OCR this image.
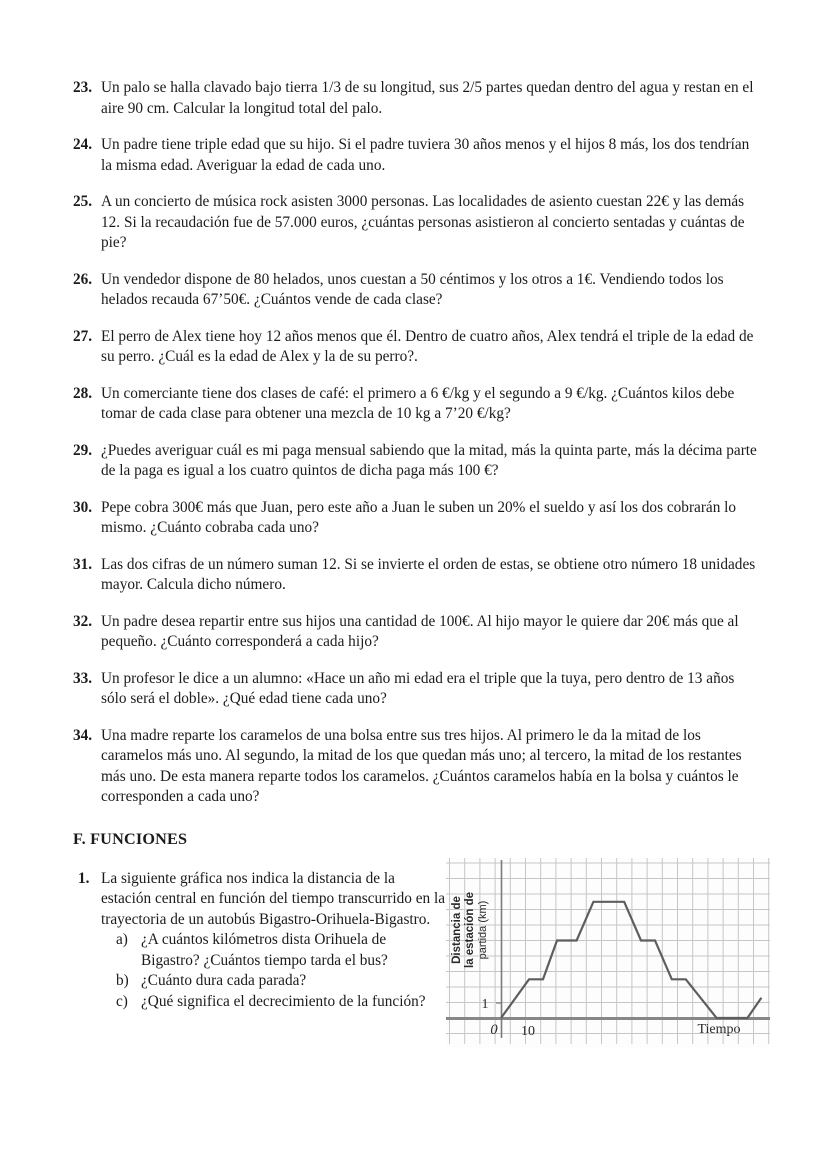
23. Un palo se halla clavado bajo tierra 1/3 de su longitud, sus 2/5 partes quedan dentro del agua y restan en el aire 90 cm. Calcular la longitud total del palo.
24. Un padre tiene triple edad que su hijo. Si el padre tuviera 30 años menos y el hijos 8 más, los dos tendrían la misma edad. Averiguar la edad de cada uno.
25. A un concierto de música rock asisten 3000 personas. Las localidades de asiento cuestan 22€ y las demás 12. Si la recaudación fue de 57.000 euros, ¿cuántas personas asistieron al concierto sentadas y cuántas de pie?
26. Un vendedor dispone de 80 helados, unos cuestan a 50 céntimos y los otros a 1€. Vendiendo todos los helados recauda 67’50€. ¿Cuántos vende de cada clase?
27. El perro de Alex tiene hoy 12 años menos que él. Dentro de cuatro años, Alex tendrá el triple de la edad de su perro. ¿Cuál es la edad de Alex y la de su perro?.
28. Un comerciante tiene dos clases de café: el primero a 6 €/kg y el segundo a 9 €/kg. ¿Cuántos kilos debe tomar de cada clase para obtener una mezcla de 10 kg a 7’20 €/kg?
29. ¿Puedes averiguar cuál es mi paga mensual sabiendo que la mitad, más la quinta parte, más la décima parte de la paga es igual a los cuatro quintos de dicha paga más 100 €?
30. Pepe cobra 300€ más que Juan, pero este año a Juan le suben un 20% el sueldo y así los dos cobrarán lo mismo. ¿Cuánto cobraba cada uno?
31. Las dos cifras de un número suman 12. Si se invierte el orden de estas, se obtiene otro número 18 unidades mayor. Calcula dicho número.
32. Un padre desea repartir entre sus hijos una cantidad de 100€. Al hijo mayor le quiere dar 20€ más que al pequeño. ¿Cuánto corresponderá a cada hijo?
33. Un profesor le dice a un alumno: «Hace un año mi edad era el triple que la tuya, pero dentro de 13 años sólo será el doble». ¿Qué edad tiene cada uno?
34. Una madre reparte los caramelos de una bolsa entre sus tres hijos. Al primero le da la mitad de los caramelos más uno. Al segundo, la mitad de los que quedan más uno; al tercero, la mitad de los restantes más uno. De esta manera reparte todos los caramelos. ¿Cuántos caramelos había en la bolsa y cuántos le corresponden a cada uno?
F. FUNCIONES
1. La siguiente gráfica nos indica la distancia de la estación central en función del tiempo transcurrido en la trayectoria de un autobús Bigastro-Orihuela-Bigastro.
a) ¿A cuántos kilómetros dista Orihuela de Bigastro? ¿Cuántos tiempo tarda el bus?
b) ¿Cuánto dura cada parada?
c) ¿Qué significa el decrecimiento de la función?	1
0 10	Tiempo
Distancia de la estación de partida (km)
